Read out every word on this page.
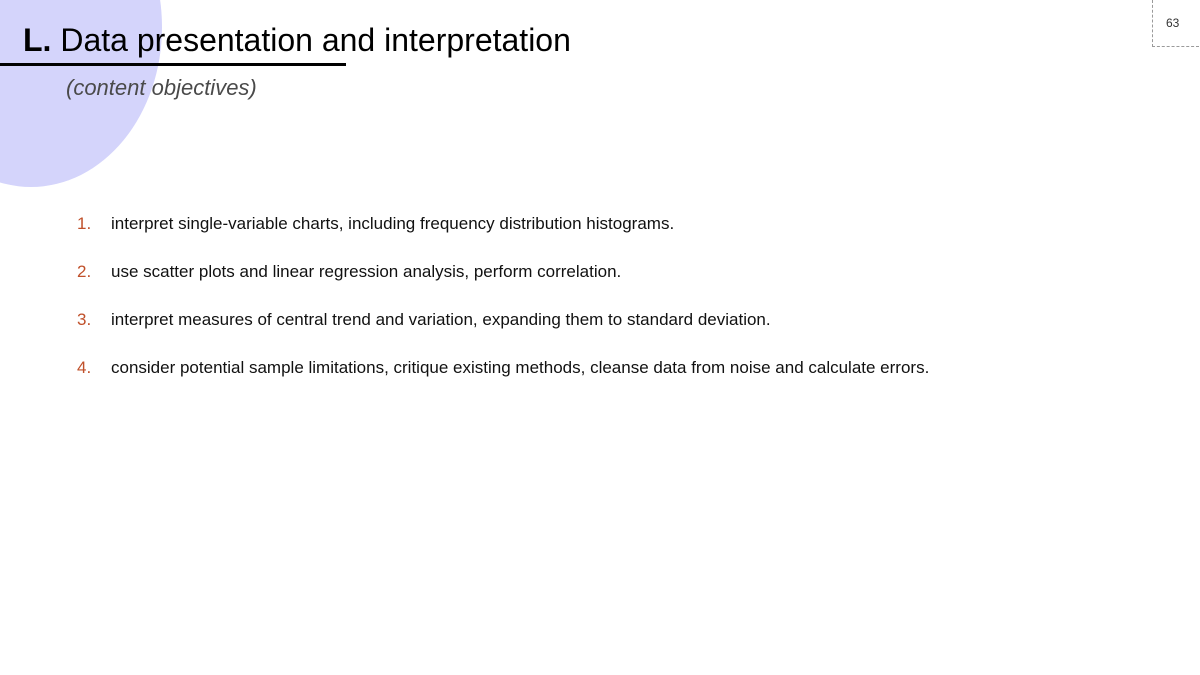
L. Data presentation and interpretation
(content objectives)
63
1. interpret single-variable charts, including frequency distribution histograms.
2. use scatter plots and linear regression analysis, perform correlation.
3. interpret measures of central trend and variation, expanding them to standard deviation.
4. consider potential sample limitations, critique existing methods, cleanse data from noise and calculate errors.
